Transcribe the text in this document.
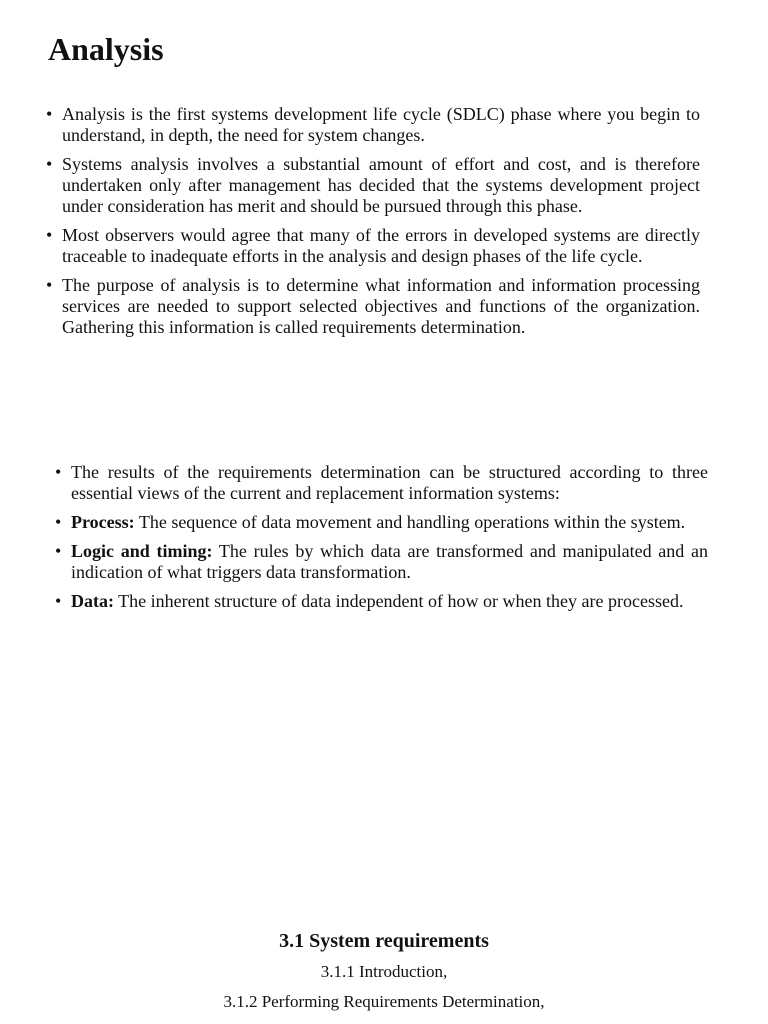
Analysis
• Analysis is the first systems development life cycle (SDLC) phase where you begin to understand, in depth, the need for system changes.
• Systems analysis involves a substantial amount of effort and cost, and is therefore undertaken only after management has decided that the systems development project under consideration has merit and should be pursued through this phase.
• Most observers would agree that many of the errors in developed systems are directly traceable to inadequate efforts in the analysis and design phases of the life cycle.
• The purpose of analysis is to determine what information and information processing services are needed to support selected objectives and functions of the organization. Gathering this information is called requirements determination.
• The results of the requirements determination can be structured according to three essential views of the current and replacement information systems:
• Process: The sequence of data movement and handling operations within the system.
• Logic and timing: The rules by which data are transformed and manipulated and an indication of what triggers data transformation.
• Data: The inherent structure of data independent of how or when they are processed.
3.1 System requirements

3.1.1 Introduction,

3.1.2 Performing Requirements Determination,
